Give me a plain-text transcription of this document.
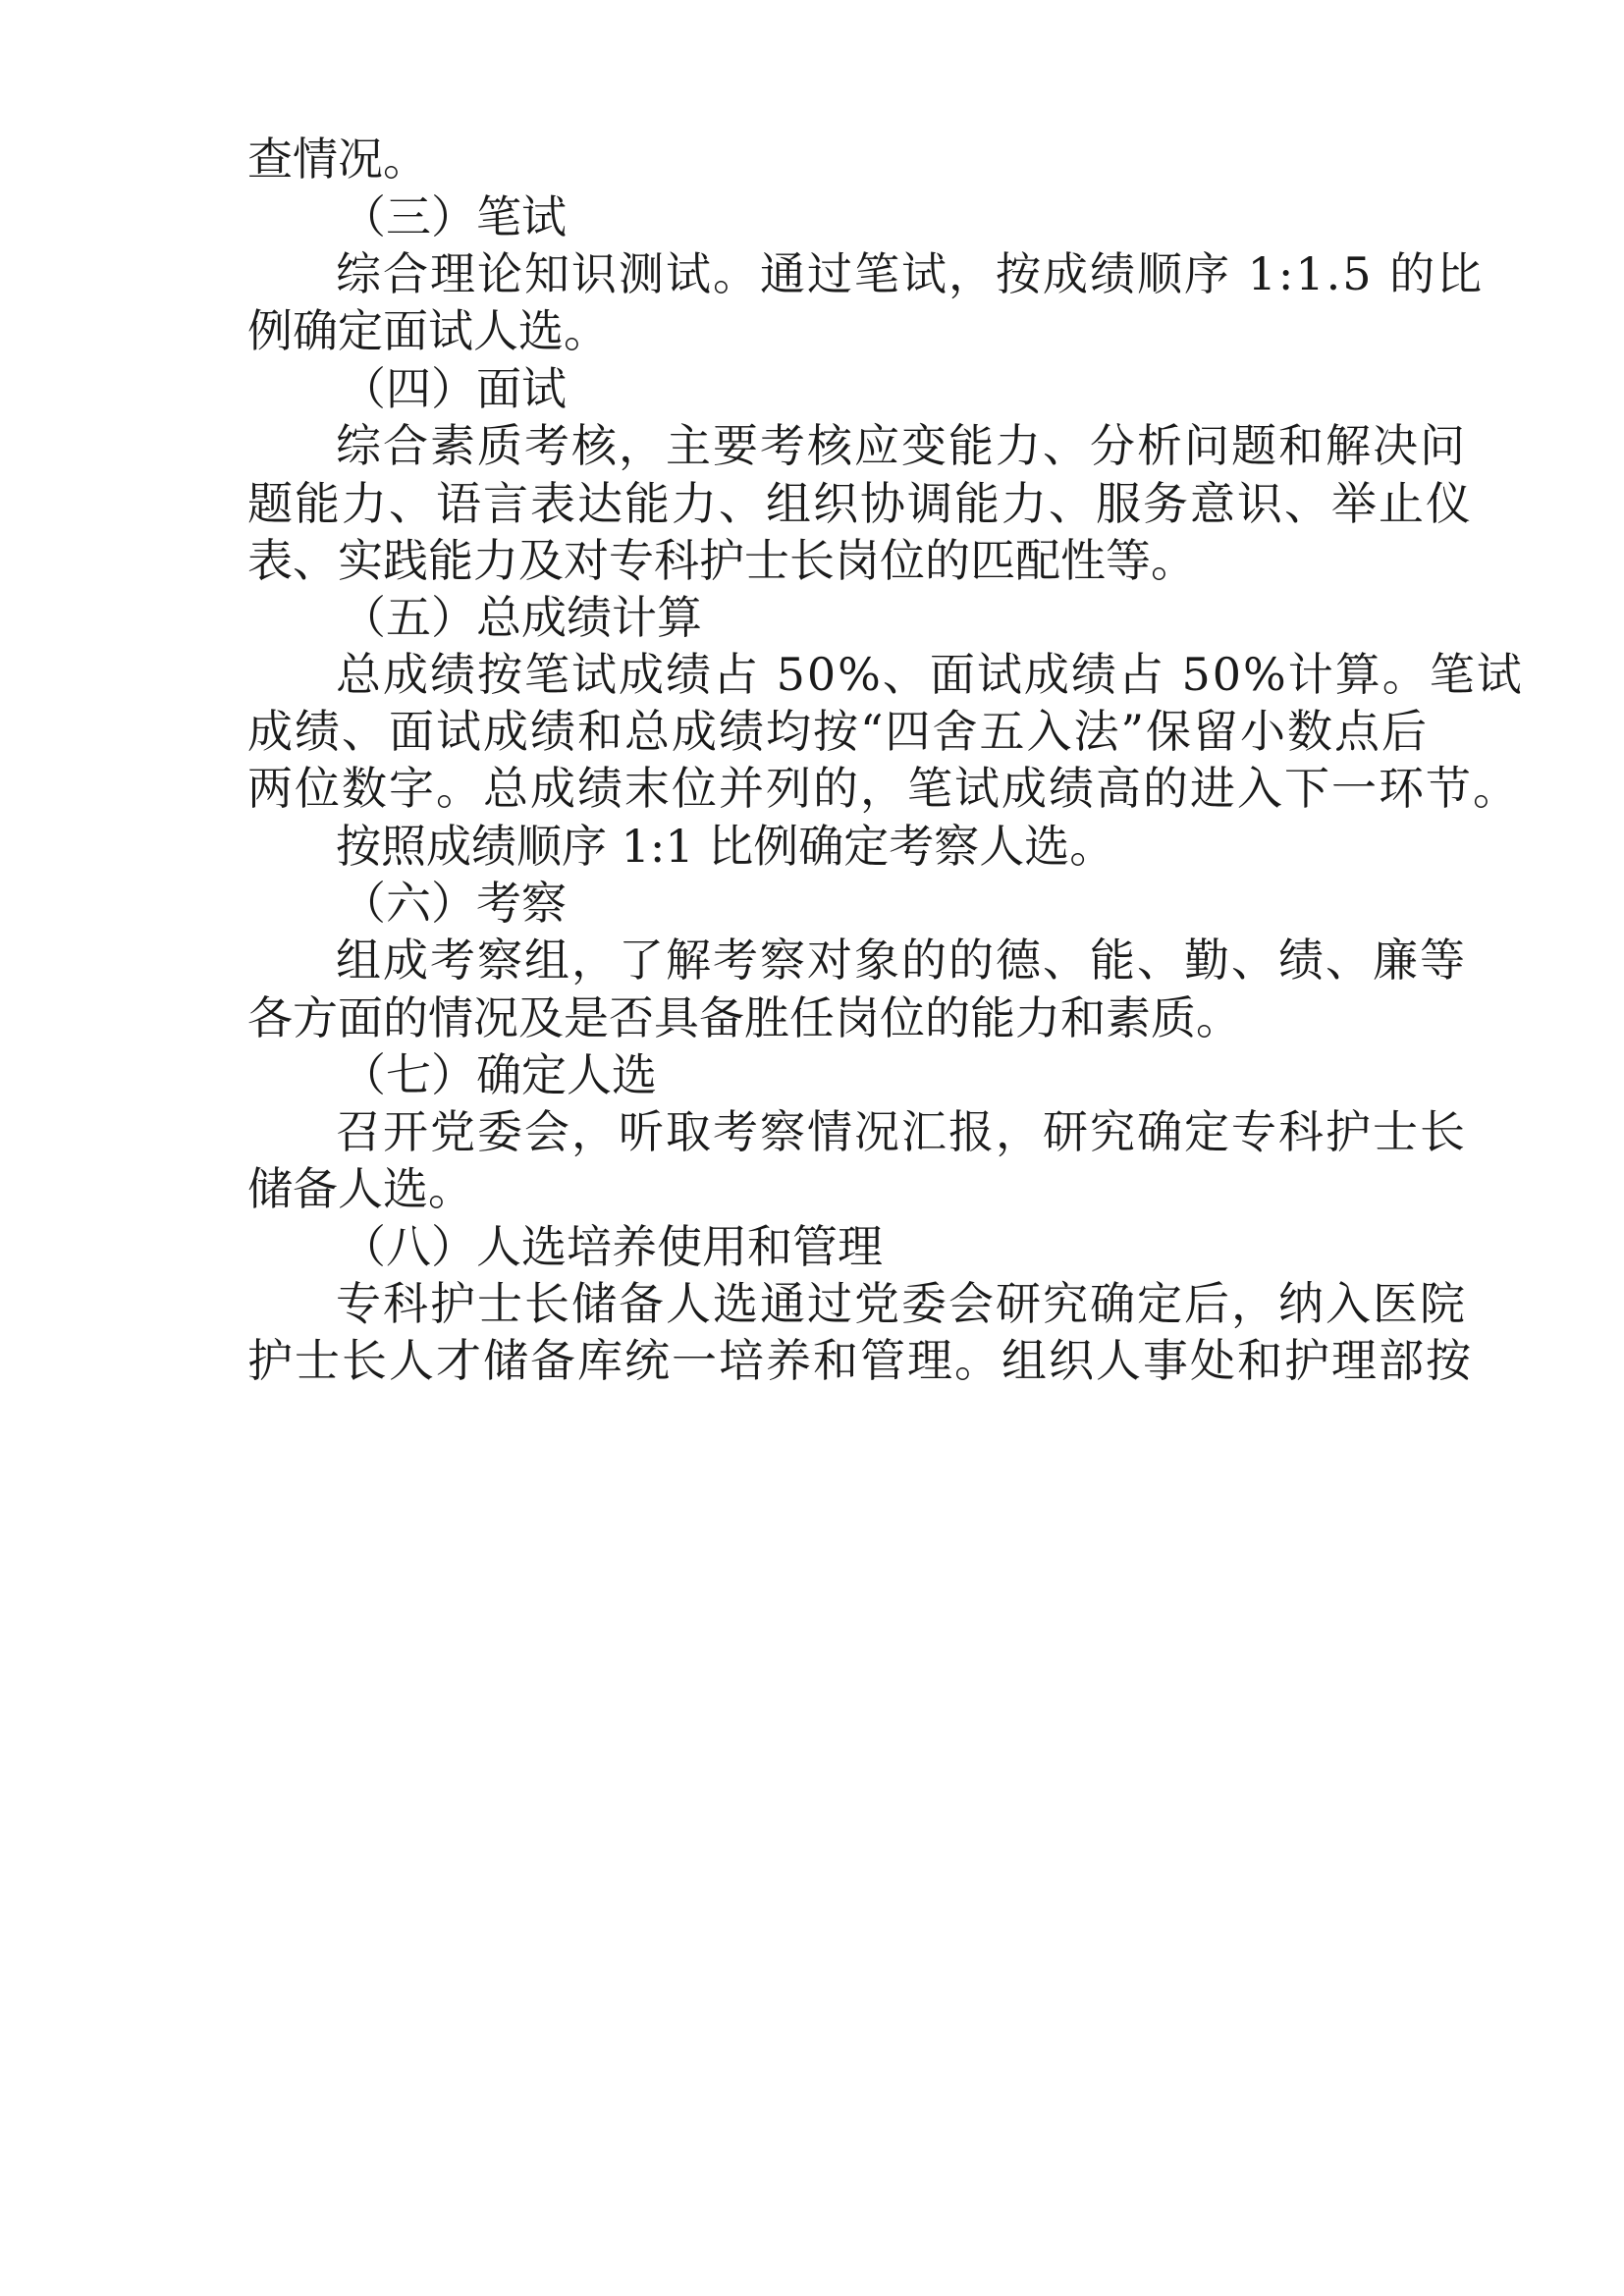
查情况。
（三）笔试
综合理论知识测试。通过笔试，按成绩顺序 1:1.5 的比
例确定面试人选。
（四）面试
综合素质考核，主要考核应变能力、分析问题和解决问
题能力、语言表达能力、组织协调能力、服务意识、举止仪
表、实践能力及对专科护士长岗位的匹配性等。
（五）总成绩计算
总成绩按笔试成绩占 50%、面试成绩占 50%计算。笔试
成绩、面试成绩和总成绩均按“四舍五入法”保留小数点后
两位数字。总成绩末位并列的，笔试成绩高的进入下一环节。
按照成绩顺序 1:1 比例确定考察人选。
（六）考察
组成考察组，了解考察对象的的德、能、勤、绩、廉等
各方面的情况及是否具备胜任岗位的能力和素质。
（七）确定人选
召开党委会，听取考察情况汇报，研究确定专科护士长
储备人选。
（八）人选培养使用和管理
专科护士长储备人选通过党委会研究确定后，纳入医院
护士长人才储备库统一培养和管理。组织人事处和护理部按
